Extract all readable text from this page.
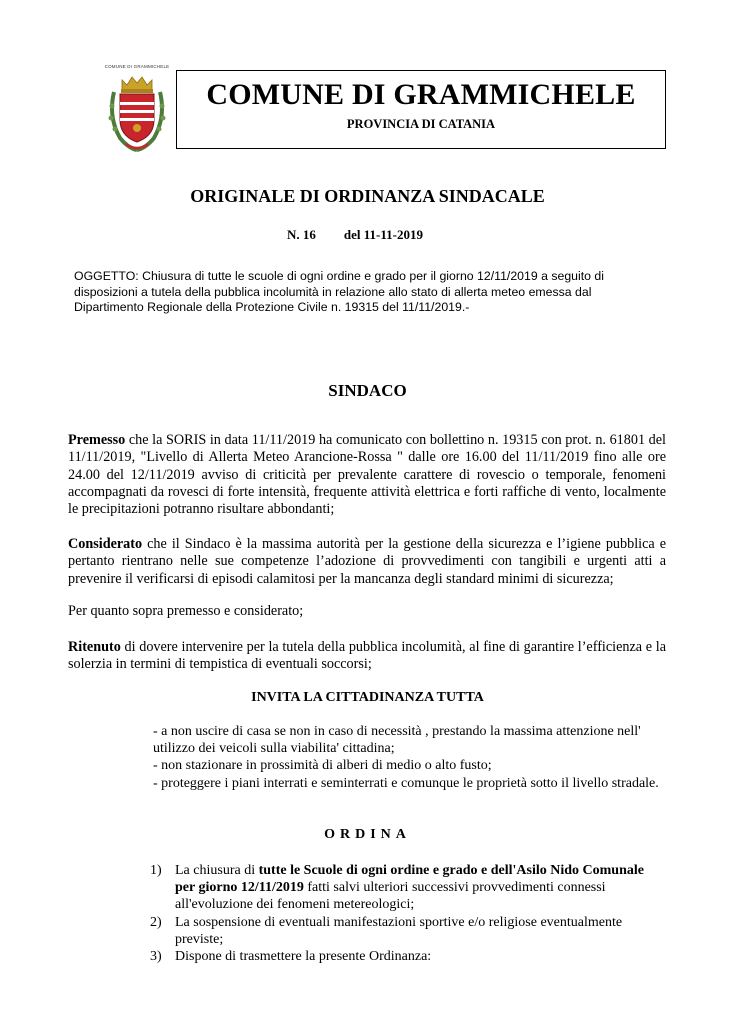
COMUNE DI GRAMMICHELE
COMUNE DI GRAMMICHELE
PROVINCIA DI CATANIA
ORIGINALE DI ORDINANZA SINDACALE
N. 16 del 11-11-2019
OGGETTO: Chiusura di tutte le scuole di ogni ordine e grado per il giorno 12/11/2019 a seguito di disposizioni a tutela della pubblica incolumità in relazione allo stato di allerta meteo emessa dal Dipartimento Regionale della Protezione Civile n. 19315 del 11/11/2019.-
SINDACO
Premesso che la SORIS in data 11/11/2019 ha comunicato con bollettino n. 19315 con prot. n. 61801 del 11/11/2019, "Livello di Allerta Meteo Arancione-Rossa " dalle ore 16.00 del 11/11/2019 fino alle ore 24.00 del 12/11/2019 avviso di criticità per prevalente carattere di rovescio o temporale, fenomeni accompagnati da rovesci di forte intensità, frequente attività elettrica e forti raffiche di vento, localmente le precipitazioni potranno risultare abbondanti;
Considerato che il Sindaco è la massima autorità per la gestione della sicurezza e l’igiene pubblica e pertanto rientrano nelle sue competenze l’adozione di provvedimenti con tangibili e urgenti atti a prevenire il verificarsi di episodi calamitosi per la mancanza degli standard minimi di sicurezza;
Per quanto sopra premesso e considerato;
Ritenuto di dovere intervenire per la tutela della pubblica incolumità, al fine di garantire l’efficienza e la solerzia in termini di tempistica di eventuali soccorsi;
INVITA LA CITTADINANZA TUTTA
- a non uscire di casa se non in caso di necessità , prestando la massima attenzione nell' utilizzo dei veicoli sulla viabilita' cittadina;
- non stazionare in prossimità di alberi di medio o alto fusto;
- proteggere i piani interrati e seminterrati e comunque le proprietà sotto il livello stradale.
ORDINA
1) La chiusura di tutte le Scuole di ogni ordine e grado e dell'Asilo Nido Comunale per giorno 12/11/2019 fatti salvi ulteriori successivi provvedimenti connessi all'evoluzione dei fenomeni metereologici;
2) La sospensione di eventuali manifestazioni sportive e/o religiose eventualmente previste;
3) Dispone di trasmettere la presente Ordinanza:
